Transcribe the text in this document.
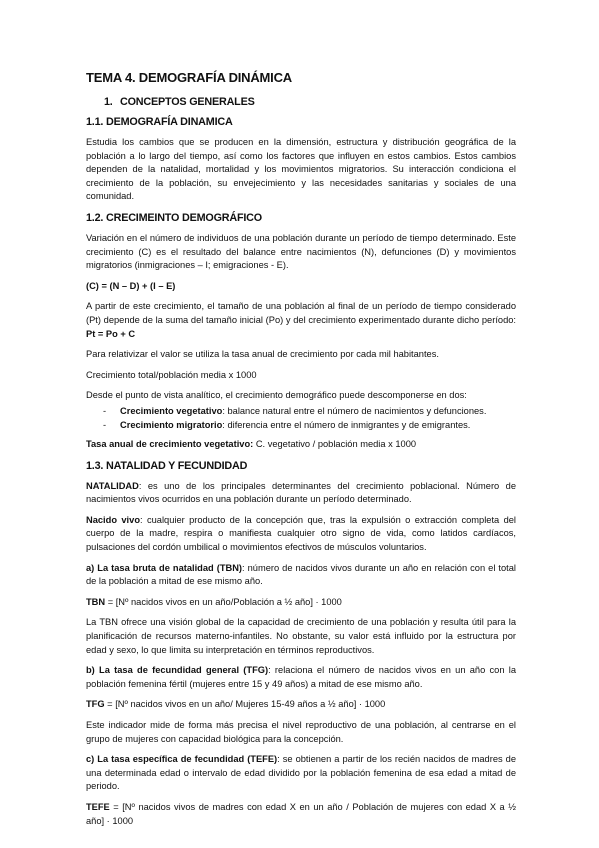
TEMA 4. DEMOGRAFÍA DINÁMICA
1. CONCEPTOS GENERALES
1.1. DEMOGRAFÍA DINAMICA

Estudia los cambios que se producen en la dimensión, estructura y distribución geográfica de la población a lo largo del tiempo, así como los factores que influyen en estos cambios. Estos cambios dependen de la natalidad, mortalidad y los movimientos migratorios. Su interacción condiciona el crecimiento de la población, su envejecimiento y las necesidades sanitarias y sociales de una comunidad.

1.2. CRECIMEINTO DEMOGRÁFICO

Variación en el número de individuos de una población durante un período de tiempo determinado. Este crecimiento (C) es el resultado del balance entre nacimientos (N), defunciones (D) y movimientos migratorios (inmigraciones – I; emigraciones - E).

(C) = (N – D) + (I – E)

A partir de este crecimiento, el tamaño de una población al final de un período de tiempo considerado (Pt) depende de la suma del tamaño inicial (Po) y del crecimiento experimentado durante dicho período: Pt = Po + C

Para relativizar el valor se utiliza la tasa anual de crecimiento por cada mil habitantes.

Crecimiento total/población media x 1000

Desde el punto de vista analítico, el crecimiento demográfico puede descomponerse en dos:

- Crecimiento vegetativo: balance natural entre el número de nacimientos y defunciones.
- Crecimiento migratorio: diferencia entre el número de inmigrantes y de emigrantes.

Tasa anual de crecimiento vegetativo: C. vegetativo / población media x 1000

1.3. NATALIDAD Y FECUNDIDAD

NATALIDAD: es uno de los principales determinantes del crecimiento poblacional. Número de nacimientos vivos ocurridos en una población durante un período determinado.

Nacido vivo: cualquier producto de la concepción que, tras la expulsión o extracción completa del cuerpo de la madre, respira o manifiesta cualquier otro signo de vida, como latidos cardíacos, pulsaciones del cordón umbilical o movimientos efectivos de músculos voluntarios.

a) La tasa bruta de natalidad (TBN): número de nacidos vivos durante un año en relación con el total de la población a mitad de ese mismo año.

TBN = [Nº nacidos vivos en un año/Población a ½ año] · 1000

La TBN ofrece una visión global de la capacidad de crecimiento de una población y resulta útil para la planificación de recursos materno-infantiles. No obstante, su valor está influido por la estructura por edad y sexo, lo que limita su interpretación en términos reproductivos.

b) La tasa de fecundidad general (TFG): relaciona el número de nacidos vivos en un año con la población femenina fértil (mujeres entre 15 y 49 años) a mitad de ese mismo año.

TFG = [Nº nacidos vivos en un año/ Mujeres 15-49 años a ½ año] · 1000

Este indicador mide de forma más precisa el nivel reproductivo de una población, al centrarse en el grupo de mujeres con capacidad biológica para la concepción.

c) La tasa específica de fecundidad (TEFE): se obtienen a partir de los recién nacidos de madres de una determinada edad o intervalo de edad dividido por la población femenina de esa edad a mitad de periodo.

TEFE = [Nº nacidos vivos de madres con edad X en un año / Población de mujeres con edad X a ½ año] · 1000
